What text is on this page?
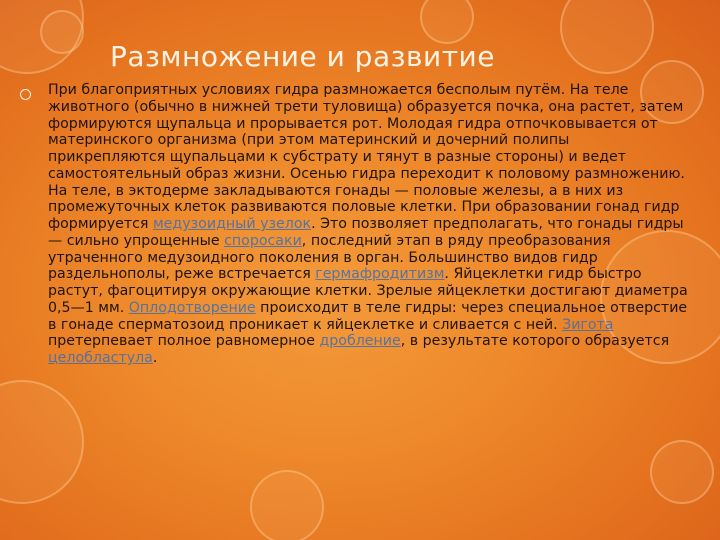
Размножение и развитие
При благоприятных условиях гидра размножается бесполым путём. На теле животного (обычно в нижней трети туловища) образуется почка, она растет, затем формируются щупальца и прорывается рот. Молодая гидра отпочковывается от материнского организма (при этом материнский и дочерний полипы прикрепляются щупальцами к субстрату и тянут в разные стороны) и ведет самостоятельный образ жизни. Осенью гидра переходит к половому размножению. На теле, в эктодерме закладываются гонады — половые железы, а в них из промежуточных клеток развиваются половые клетки. При образовании гонад гидр формируется медузоидный узелок. Это позволяет предполагать, что гонады гидры — сильно упрощенные споросаки, последний этап в ряду преобразования утраченного медузоидного поколения в орган. Большинство видов гидр раздельнополы, реже встречается гермафродитизм. Яйцеклетки гидр быстро растут, фагоцитируя окружающие клетки. Зрелые яйцеклетки достигают диаметра 0,5—1 мм. Оплодотворение происходит в теле гидры: через специальное отверстие в гонаде сперматозоид проникает к яйцеклетке и сливается с ней. Зигота претерпевает полное равномерное дробление, в результате которого образуется целобластула.
